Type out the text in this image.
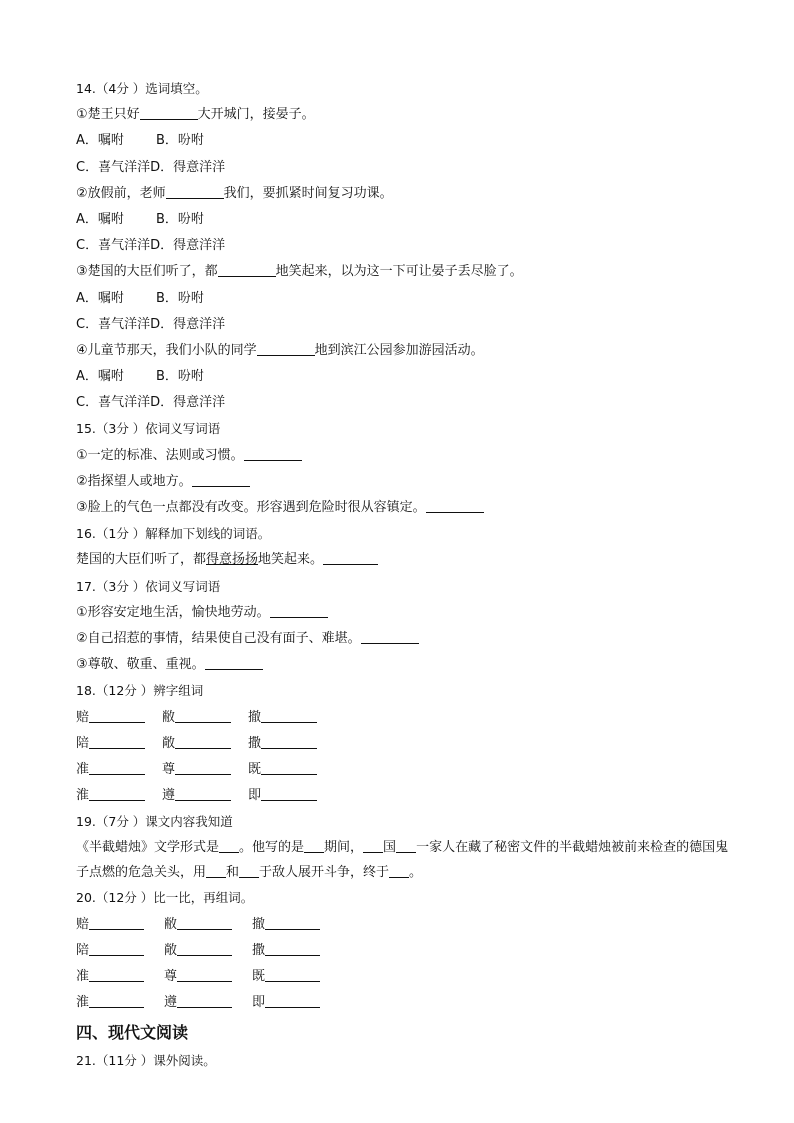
14.（4分 ）选词填空。
①楚王只好	大开城门，接晏子。
A．嘱咐 B．吩咐
C．喜气洋洋D．得意洋洋
②放假前，老师	我们，要抓紧时间复习功课。
A．嘱咐 B．吩咐
C．喜气洋洋D．得意洋洋
③楚国的大臣们听了，都	地笑起来，以为这一下可让晏子丢尽脸了。
A．嘱咐 B．吩咐
C．喜气洋洋D．得意洋洋
④儿童节那天，我们小队的同学	地到滨江公园参加游园活动。
A．嘱咐 B．吩咐
C．喜气洋洋D．得意洋洋
15.（3分 ）依词义写词语
①一定的标准、法则或习惯。
②指探望人或地方。
③脸上的气色一点都没有改变。形容遇到危险时很从容镇定。
16.（1分 ）解释加下划线的词语。
楚国的大臣们听了，都得意扬扬地笑起来。
17.（3分 ）依词义写词语
①形容安定地生活，愉快地劳动。
②自己招惹的事情，结果使自己没有面子、难堪。
③尊敬、敬重、重视。
18.（12分 ）辨字组词
赔	敝	撤
陪	敞	撒
准	尊	既
淮	遵	即
19.（7分 ）课文内容我知道
《半截蜡烛》文学形式是 。他写的是 期间， 国 一家人在藏了秘密文件的半截蜡烛被前来检查的德国鬼子点燃的危急关头，用 和 于敌人展开斗争，终于 。
20.（12分 ）比一比，再组词。
赔	敝	撤
陪	敞	撒
准	尊	既
淮	遵	即
四、现代文阅读
21.（11分 ）课外阅读。
